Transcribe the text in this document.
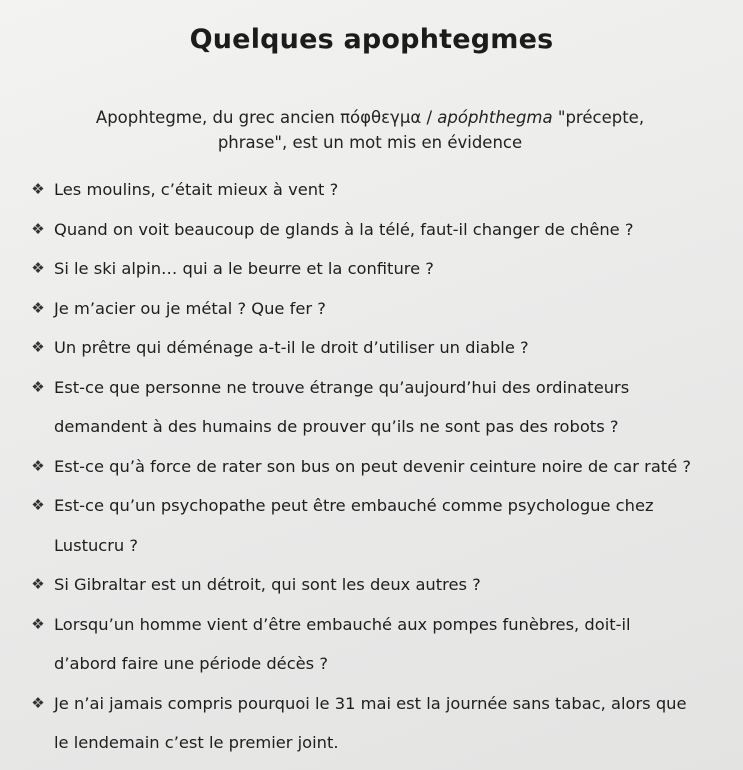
Quelques apophtegmes
Apophtegme, du grec ancien πόφθεγμα / apóphthegma "précepte, phrase", est un mot mis en évidence
❖ Les moulins, c’était mieux à vent ?
❖ Quand on voit beaucoup de glands à la télé, faut-il changer de chêne ?
❖ Si le ski alpin… qui a le beurre et la confiture ?
❖ Je m’acier ou je métal ? Que fer ?
❖ Un prêtre qui déménage a-t-il le droit d’utiliser un diable ?
❖ Est-ce que personne ne trouve étrange qu’aujourd’hui des ordinateurs
demandent à des humains de prouver qu’ils ne sont pas des robots ?
❖ Est-ce qu’à force de rater son bus on peut devenir ceinture noire de car raté ?
❖ Est-ce qu’un psychopathe peut être embauché comme psychologue chez
Lustucru ?
❖ Si Gibraltar est un détroit, qui sont les deux autres ?
❖ Lorsqu’un homme vient d’être embauché aux pompes funèbres, doit-il
d’abord faire une période décès ?
❖ Je n’ai jamais compris pourquoi le 31 mai est la journée sans tabac, alors que
le lendemain c’est le premier joint.
